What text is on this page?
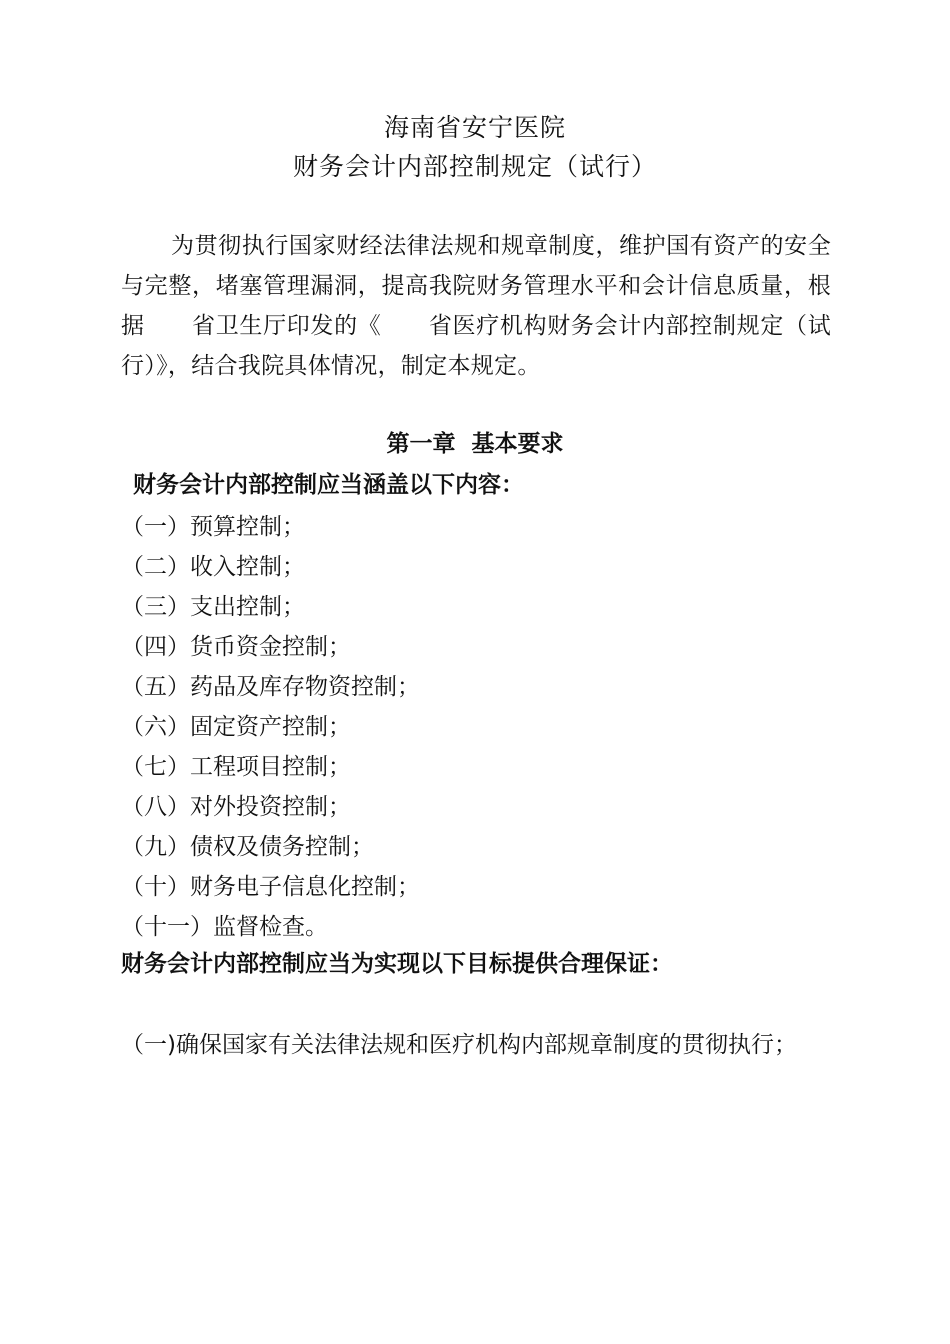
海南省安宁医院
财务会计内部控制规定（试行）

为贯彻执行国家财经法律法规和规章制度，维护国有资产的安全与完整，堵塞管理漏洞，提高我院财务管理水平和会计信息质量，根据　　省卫生厅印发的《　　省医疗机构财务会计内部控制规定（试行）》，结合我院具体情况，制定本规定。

第一章  基本要求
财务会计内部控制应当涵盖以下内容：
（一）预算控制；
（二）收入控制；
（三）支出控制；
（四）货币资金控制；
（五）药品及库存物资控制；
（六）固定资产控制；
（七）工程项目控制；
（八）对外投资控制；
（九）债权及债务控制；
（十）财务电子信息化控制；
（十一）监督检查。
财务会计内部控制应当为实现以下目标提供合理保证：

（一)确保国家有关法律法规和医疗机构内部规章制度的贯彻执行；
